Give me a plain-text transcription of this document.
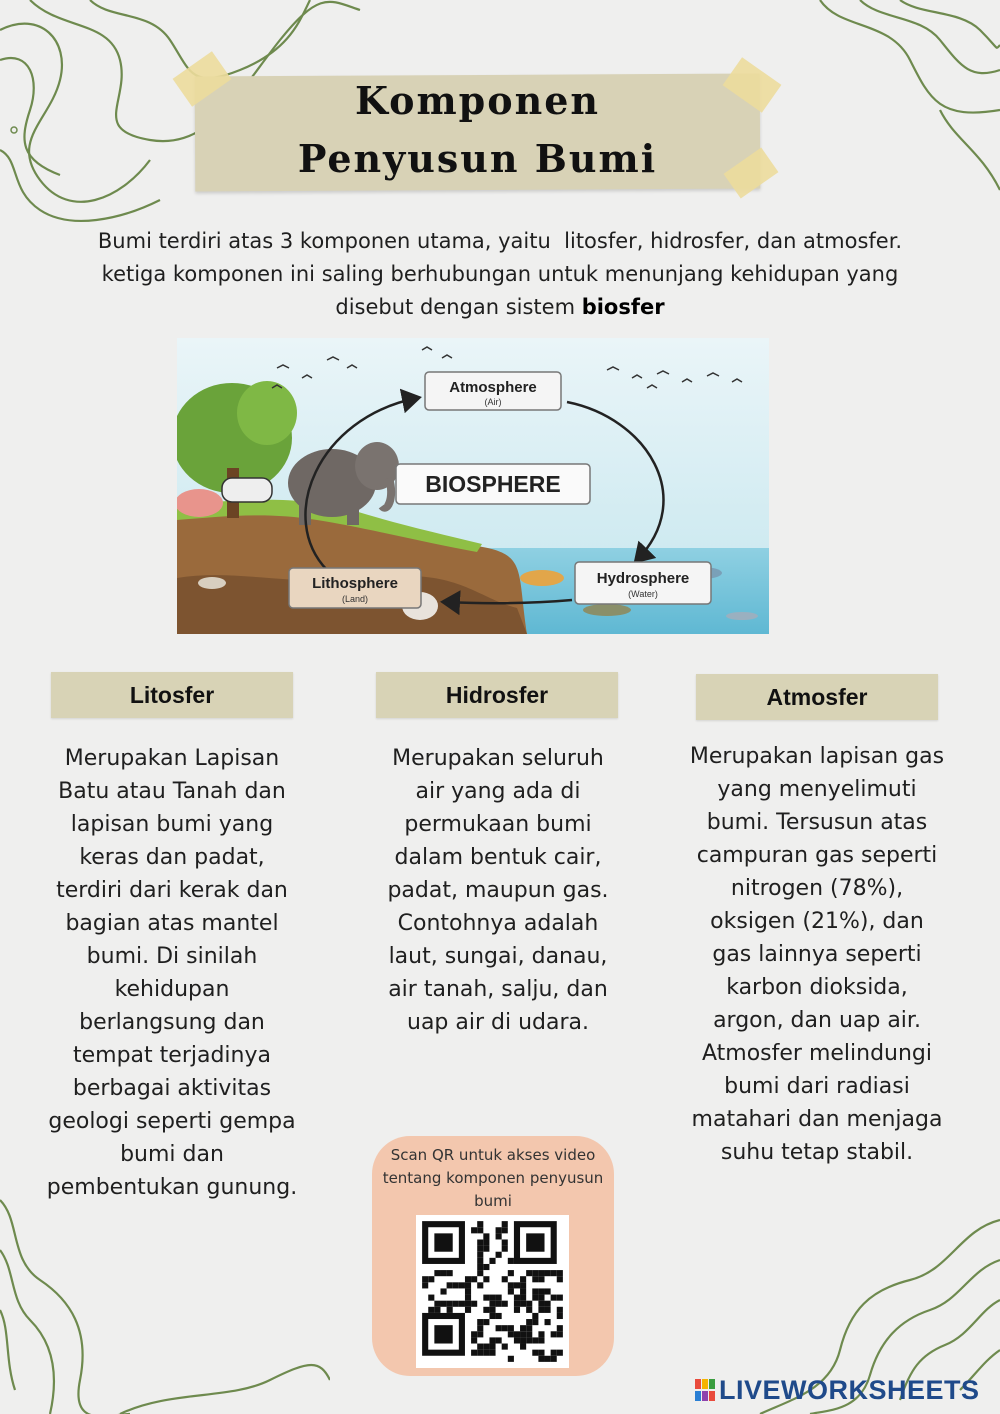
Komponen
Penyusun Bumi
Bumi terdiri atas 3 komponen utama, yaitu  litosfer, hidrosfer, dan atmosfer.
ketiga komponen ini saling berhubungan untuk menunjang kehidupan yang
disebut dengan sistem biosfer
Atmosphere
(Air)
BIOSPHERE
Hydrosphere
(Water)
Lithosphere
(Land)
Litosfer	Hidrosfer	Atmosfer
Merupakan Lapisan Batu atau Tanah dan lapisan bumi yang keras dan padat, terdiri dari kerak dan bagian atas mantel bumi. Di sinilah kehidupan berlangsung dan tempat terjadinya berbagai aktivitas geologi seperti gempa bumi dan pembentukan gunung.
Merupakan seluruh air yang ada di permukaan bumi dalam bentuk cair, padat, maupun gas. Contohnya adalah laut, sungai, danau, air tanah, salju, dan uap air di udara.
Merupakan lapisan gas yang menyelimuti bumi. Tersusun atas campuran gas seperti nitrogen (78%), oksigen (21%), dan gas lainnya seperti karbon dioksida, argon, dan uap air. Atmosfer melindungi bumi dari radiasi matahari dan menjaga suhu tetap stabil.
Scan QR untuk akses video tentang komponen penyusun bumi
LIVEWORKSHEETS
